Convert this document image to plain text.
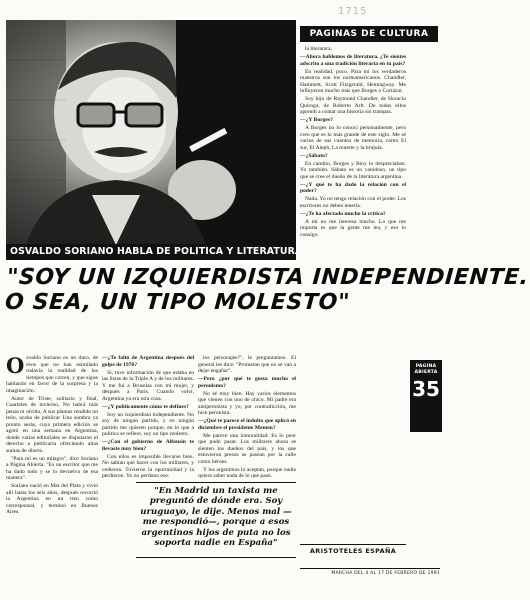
1715
PAGINAS DE CULTURA
OSVALDO SORIANO HABLA DE POLITICA Y LITERATURA
"SOY UN IZQUIERDISTA INDEPENDIENTE.
O SEA, UN TIPO MOLESTO"

Osvaldo Soriano es un duro, de ésos que no han asimilado todavía la realidad de los tiempos que corren, y que sigue hablando en favor de la sorpresa y la imaginación.

Autor de Triste, solitario y final, Cuarteles de invierno, No habrá más penas ni olvido, A sus plantas rendido un león, acaba de publicar Una sombra ya pronto serás, cuya primera edición se agotó en una semana en Argentina, donde varias editoriales se disputaron el derecho a publicarla ofreciendo altas sumas de dinero.

"Para mí es un milagro", dice Soriano a Página Abierta. "Es un escritor que me ha dado todo y se lo devuelvo de esa manera".

Soriano nació en Mar del Plata y vivió allí hasta los seis años, después recorrió la Argentina en un tren como corresponsal, y terminó en Buenos Aires.

—¿Te faltó de Argentina después del golpe de 1976?

Sí, tuve información de que estaba en las listas de la Triple A y de los militares. Y me fui a Bruselas con mi mujer, y después a París. Cuando volví, Argentina ya era otra cosa.

—¿Y políticamente cómo te defines?

Soy un izquierdista independiente. No soy de ningún partido, y en ningún partido me quieren porque, en lo que a política se refiere, soy un tipo molesto.

—¿Con el gobierno de Alfonsín te llevaste muy bien?

Con ellos es imposible llevarse bien. No sabían qué hacer con los militares, y cedieron. Tuvieron la oportunidad y la perdieron. Yo no perdono eso.

los personajes?", le preguntamos. El general les dice: "Prometan que no se van a dejar engañar".

—Pero ¿por qué te gusta mucho el peronismo?

No sé muy bien. Hay varios elementos que vienen con uno de chico. Mi padre era antiperonista y yo, por contradicción, me hice peronista.

—¿Qué te parece el indulto que aplicó en diciembre el presidente Menem?

Me parece una inmoralidad. Es lo peor que pudo pasar. Los militares ahora se sienten los dueños del país, y los que estuvieron presos se pasean por la calle como héroes.

Y los argentinos lo aceptan, porque nadie quiere saber nada de lo que pasó.

la literatura.

—Ahora hablemos de literatura. ¿Te sientes adscrito a una tradición literaria en tu país?

En realidad, poco. Para mí los verdaderos maestros son los norteamericanos. Chandler, Hammett, Scott Fitzgerald, Hemingway. Me influyeron mucho más que Borges o Cortázar.

Soy hijo de Raymond Chandler, de Horacio Quiroga, de Roberto Arlt. De todos ellos aprendí a contar una historia sin trampas.

—¿Y Borges?

A Borges no lo conocí personalmente, pero creo que es lo más grande de este siglo. Me sé varios de sus cuentos de memoria, como El sur, El Aleph, La muerte y la brújula.

—¿Sábato?

En cambio, Borges y Bioy lo despreciaban. Yo también. Sábato es un vanidoso, un tipo que se cree el dueño de la literatura argentina.

—¿Y qué te ha dado la relación con el poder?

Nada. Yo no tengo relación con el poder. Los escritores no deben tenerla.

—¿Te ha afectado mucho la crítica?

A mí no me interesa mucho. Lo que me importa es que la gente me lea, y eso lo consigo.

"En Madrid un taxista me preguntó de dónde era. Soy uruguayo, le dije. Menos mal —me respondió—, porque a esos argentinos hijos de puta no los soporta nadie en España"
PAGINA ABIERTA
35
ARISTOTELES ESPAÑA
MARCHA DEL 4 AL 17 DE FEBRERO DE 1991
